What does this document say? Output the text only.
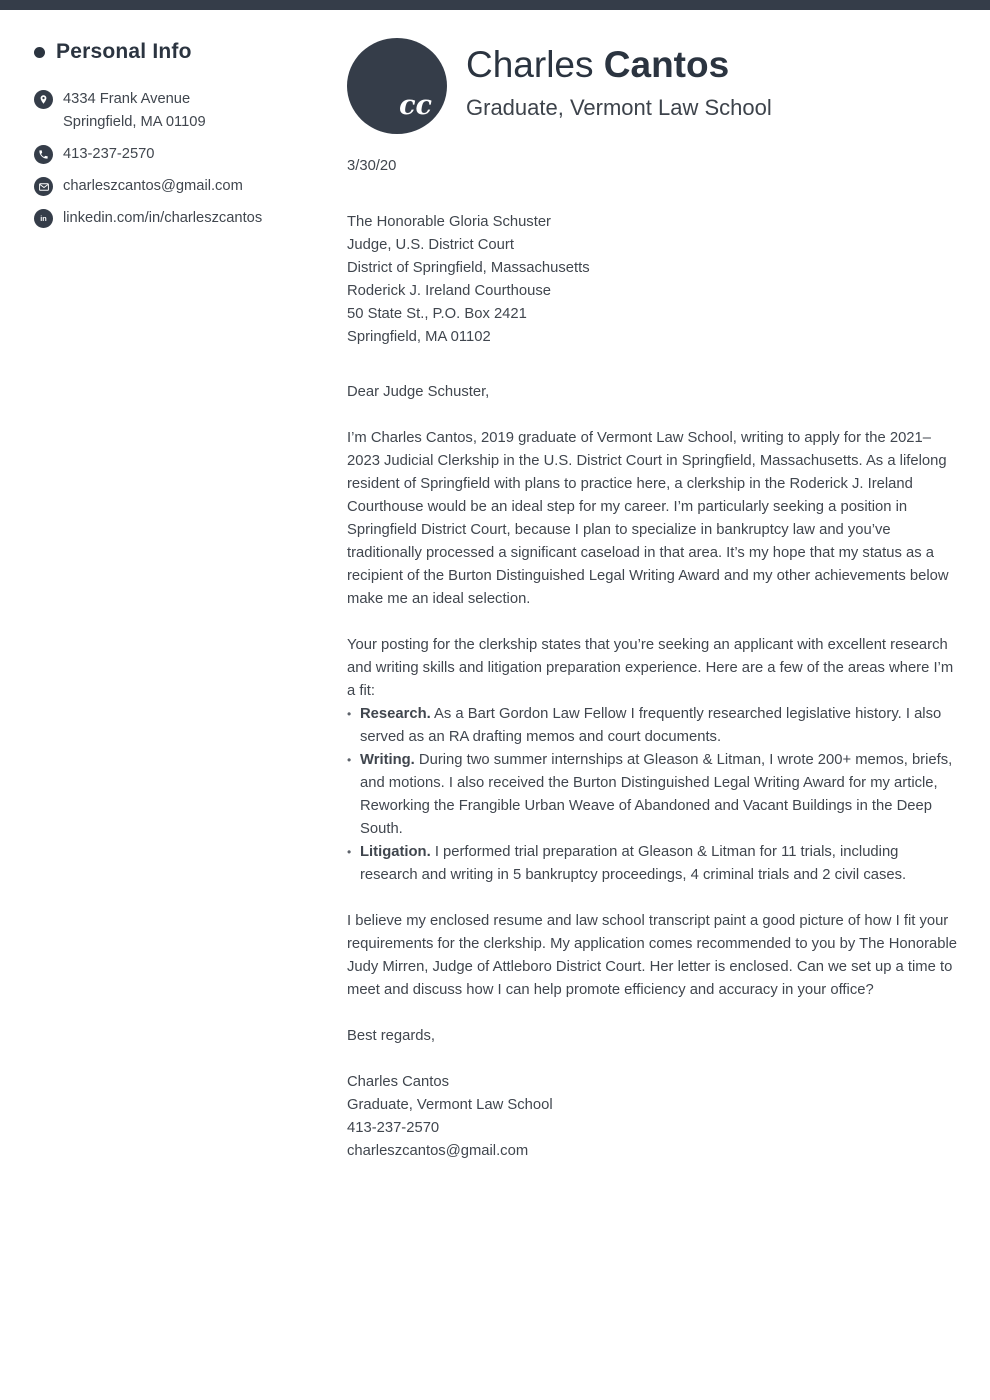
Personal Info
4334 Frank Avenue
Springfield, MA 01109
413-237-2570
charleszcantos@gmail.com
in linkedin.com/in/charleszcantos
cc
Charles Cantos
Graduate, Vermont Law School
3/30/20
The Honorable Gloria Schuster
Judge, U.S. District Court
District of Springfield, Massachusetts
Roderick J. Ireland Courthouse
50 State St., P.O. Box 2421
Springfield, MA 01102
Dear Judge Schuster,

I’m Charles Cantos, 2019 graduate of Vermont Law School, writing to apply for the 2021–2023 Judicial Clerkship in the U.S. District Court in Springfield, Massachusetts. As a lifelong resident of Springfield with plans to practice here, a clerkship in the Roderick J. Ireland Courthouse would be an ideal step for my career. I’m particularly seeking a position in Springfield District Court, because I plan to specialize in bankruptcy law and you’ve traditionally processed a significant caseload in that area. It’s my hope that my status as a recipient of the Burton Distinguished Legal Writing Award and my other achievements below make me an ideal selection.

Your posting for the clerkship states that you’re seeking an applicant with excellent research and writing skills and litigation preparation experience. Here are a few of the areas where I’m a fit:

• Research. As a Bart Gordon Law Fellow I frequently researched legislative history. I also served as an RA drafting memos and court documents.
• Writing. During two summer internships at Gleason & Litman, I wrote 200+ memos, briefs, and motions. I also received the Burton Distinguished Legal Writing Award for my article, Reworking the Frangible Urban Weave of Abandoned and Vacant Buildings in the Deep South.
• Litigation. I performed trial preparation at Gleason & Litman for 11 trials, including research and writing in 5 bankruptcy proceedings, 4 criminal trials and 2 civil cases.

I believe my enclosed resume and law school transcript paint a good picture of how I fit your requirements for the clerkship. My application comes recommended to you by The Honorable Judy Mirren, Judge of Attleboro District Court. Her letter is enclosed. Can we set up a time to meet and discuss how I can help promote efficiency and accuracy in your office?

Best regards,
Charles Cantos
Graduate, Vermont Law School
413-237-2570
charleszcantos@gmail.com
